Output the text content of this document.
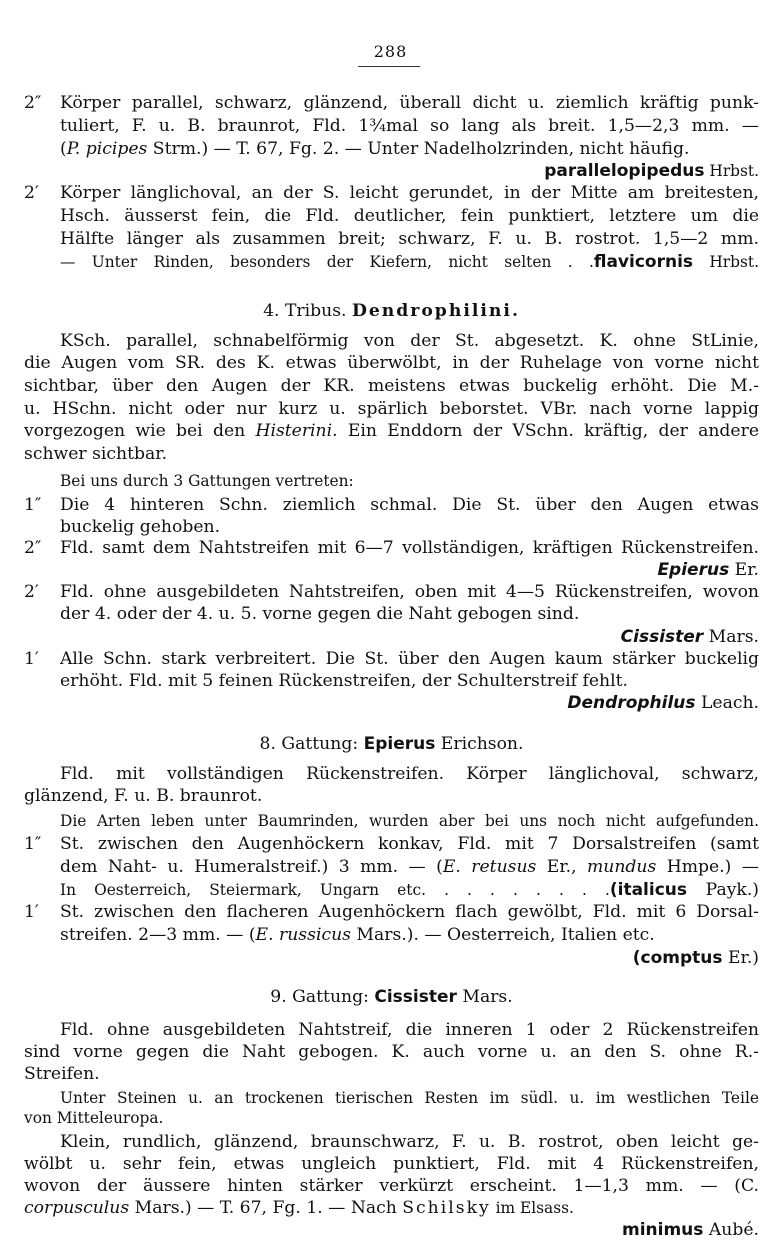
288
2″ Körper parallel, schwarz, glänzend, überall dicht u. ziemlich kräftig punk-
tuliert, F. u. B. braunrot, Fld. 1¾mal so lang als breit. 1,5—2,3 mm. —
(P. picipes Strm.) — T. 67, Fg. 2. — Unter Nadelholzrinden, nicht häufig.
parallelopipedus Hrbst.
2′ Körper länglichoval, an der S. leicht gerundet, in der Mitte am breitesten,
Hsch. äusserst fein, die Fld. deutlicher, fein punktiert, letztere um die
Hälfte länger als zusammen breit; schwarz, F. u. B. rostrot. 1,5—2 mm.
— Unter Rinden, besonders der Kiefern, nicht selten . .flavicornis Hrbst.
4. Tribus. Dendrophilini.
KSch. parallel, schnabelförmig von der St. abgesetzt. K. ohne StLinie,
die Augen vom SR. des K. etwas überwölbt, in der Ruhelage von vorne nicht
sichtbar, über den Augen der KR. meistens etwas buckelig erhöht. Die M.-
u. HSchn. nicht oder nur kurz u. spärlich beborstet. VBr. nach vorne lappig
vorgezogen wie bei den Histerini. Ein Enddorn der VSchn. kräftig, der andere
schwer sichtbar.
Bei uns durch 3 Gattungen vertreten:
1″ Die 4 hinteren Schn. ziemlich schmal. Die St. über den Augen etwas
buckelig gehoben.
2″ Fld. samt dem Nahtstreifen mit 6—7 vollständigen, kräftigen Rückenstreifen.
Epierus Er.
2′ Fld. ohne ausgebildeten Nahtstreifen, oben mit 4—5 Rückenstreifen, wovon
der 4. oder der 4. u. 5. vorne gegen die Naht gebogen sind.
Cissister Mars.
1′ Alle Schn. stark verbreitert. Die St. über den Augen kaum stärker buckelig
erhöht. Fld. mit 5 feinen Rückenstreifen, der Schulterstreif fehlt.
Dendrophilus Leach.
8. Gattung: Epierus Erichson.
Fld. mit vollständigen Rückenstreifen. Körper länglichoval, schwarz,
glänzend, F. u. B. braunrot.
Die Arten leben unter Baumrinden, wurden aber bei uns noch nicht aufgefunden.
1″ St. zwischen den Augenhöckern konkav, Fld. mit 7 Dorsalstreifen (samt
dem Naht- u. Humeralstreif.) 3 mm. — (E. retusus Er., mundus Hmpe.) —
In Oesterreich, Steiermark, Ungarn etc. . . . . . . . .(italicus Payk.)
1′ St. zwischen den flacheren Augenhöckern flach gewölbt, Fld. mit 6 Dorsal-
streifen. 2—3 mm. — (E. russicus Mars.). — Oesterreich, Italien etc.
(comptus Er.)
9. Gattung: Cissister Mars.
Fld. ohne ausgebildeten Nahtstreif, die inneren 1 oder 2 Rückenstreifen
sind vorne gegen die Naht gebogen. K. auch vorne u. an den S. ohne R.-
Streifen.
Unter Steinen u. an trockenen tierischen Resten im südl. u. im westlichen Teile
von Mitteleuropa.
Klein, rundlich, glänzend, braunschwarz, F. u. B. rostrot, oben leicht ge-
wölbt u. sehr fein, etwas ungleich punktiert, Fld. mit 4 Rückenstreifen,
wovon der äussere hinten stärker verkürzt erscheint. 1—1,3 mm. — (C.
corpusculus Mars.) — T. 67, Fg. 1. — Nach Schilsky im Elsass.
minimus Aubé.
